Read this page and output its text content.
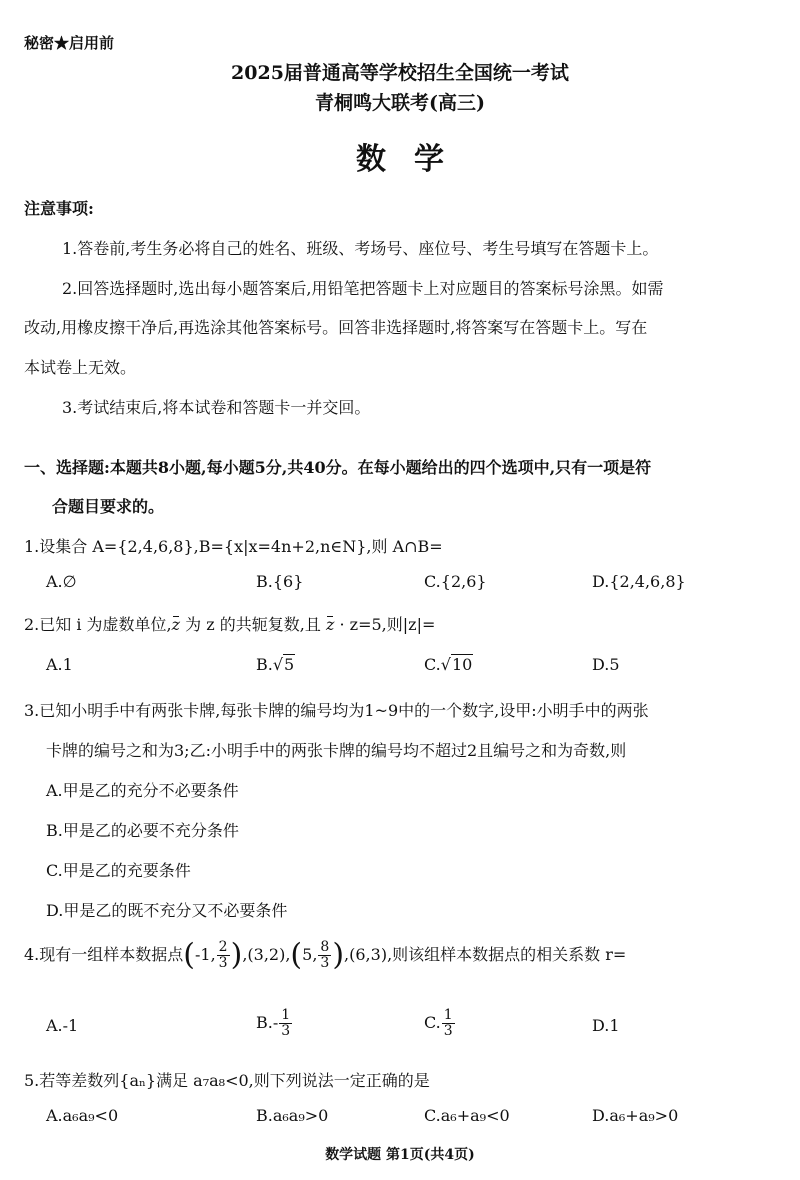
秘密★启用前
2025届普通高等学校招生全国统一考试
青桐鸣大联考(高三)
数学
注意事项:
1.答卷前,考生务必将自己的姓名、班级、考场号、座位号、考生号填写在答题卡上。
2.回答选择题时,选出每小题答案后,用铅笔把答题卡上对应题目的答案标号涂黑。如需
改动,用橡皮擦干净后,再选涂其他答案标号。回答非选择题时,将答案写在答题卡上。写在
本试卷上无效。
3.考试结束后,将本试卷和答题卡一并交回。
一、选择题:本题共8小题,每小题5分,共40分。在每小题给出的四个选项中,只有一项是符
合题目要求的。
1.设集合 A={2,4,6,8},B={x|x=4n+2,n∈N},则 A∩B=
A.∅	B.{6}	C.{2,6}	D.{2,4,6,8}
2.已知 i 为虚数单位,z 为 z 的共轭复数,且 z · z=5,则|z|=
A.1	B.√5	C.√10	D.5
3.已知小明手中有两张卡牌,每张卡牌的编号均为1~9中的一个数字,设甲:小明手中的两张
卡牌的编号之和为3;乙:小明手中的两张卡牌的编号均不超过2且编号之和为奇数,则
A.甲是乙的充分不必要条件
B.甲是乙的必要不充分条件
C.甲是乙的充要条件
D.甲是乙的既不充分又不必要条件
4.现有一组样本数据点(-1, $\frac{2}{3} ),(3,2),(5$, $\frac{8}{3} ),(6,3)$,则该组样本数据点的相关系数 r=
A.-1	$B.- \frac{1}{3}$	C. $\frac{1}{3}$	D.1
5.若等差数列{aₙ}满足 a₇a₈<0,则下列说法一定正确的是
A.a₆a₉<0	B.a₆a₉>0	C.a₆+a₉<0	D.a₆+a₉>0
数学试题 第1页(共4页)
